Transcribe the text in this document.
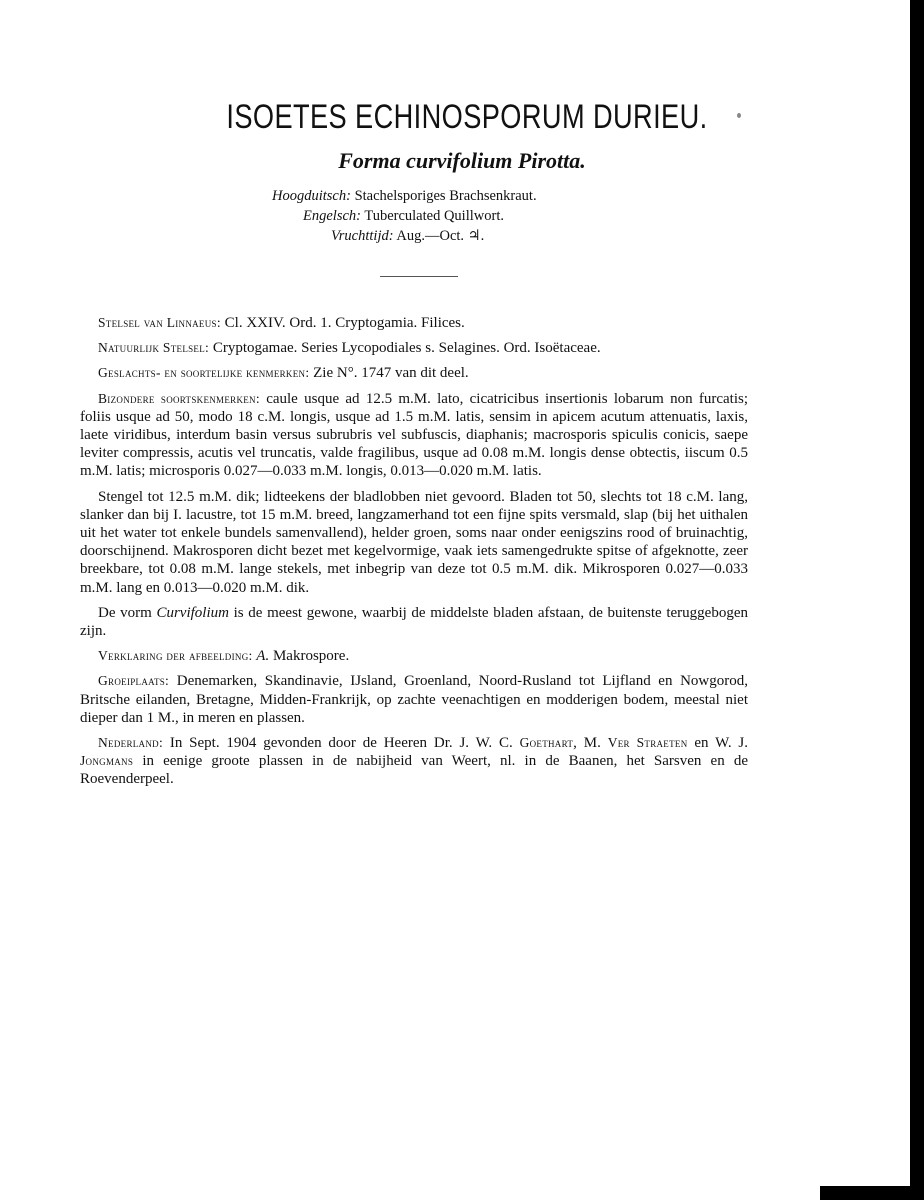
ISOETES ECHINOSPORUM DURIEU.
Forma curvifolium Pirotta.
Hoogduitsch: Stachelsporiges Brachsenkraut.
Engelsch: Tuberculated Quillwort.
Vruchttijd: Aug.—Oct. ♃.

Stelsel van Linnaeus: Cl. XXIV. Ord. 1. Cryptogamia. Filices.

Natuurlijk Stelsel: Cryptogamae. Series Lycopodiales s. Selagines. Ord. Isoëtaceae.

Geslachts- en soortelijke kenmerken: Zie N°. 1747 van dit deel.

Bizondere soortskenmerken: caule usque ad 12.5 m.M. lato, cicatricibus insertionis lobarum non furcatis; foliis usque ad 50, modo 18 c.M. longis, usque ad 1.5 m.M. latis, sensim in apicem acutum attenuatis, laxis, laete viridibus, interdum basin versus subrubris vel subfuscis, diaphanis; macrosporis spiculis conicis, saepe leviter compressis, acutis vel truncatis, valde fragilibus, usque ad 0.08 m.M. longis dense obtectis, iiscum 0.5 m.M. latis; microsporis 0.027—0.033 m.M. longis, 0.013—0.020 m.M. latis.

Stengel tot 12.5 m.M. dik; lidteekens der bladlobben niet gevoord. Bladen tot 50, slechts tot 18 c.M. lang, slanker dan bij I. lacustre, tot 15 m.M. breed, langzamerhand tot een fijne spits versmald, slap (bij het uithalen uit het water tot enkele bundels samenvallend), helder groen, soms naar onder eenigszins rood of bruinachtig, doorschijnend. Makrosporen dicht bezet met kegelvormige, vaak iets samengedrukte spitse of afgeknotte, zeer breekbare, tot 0.08 m.M. lange stekels, met inbegrip van deze tot 0.5 m.M. dik. Mikrosporen 0.027—0.033 m.M. lang en 0.013—0.020 m.M. dik.

De vorm Curvifolium is de meest gewone, waarbij de middelste bladen afstaan, de buitenste teruggebogen zijn.

Verklaring der afbeelding: A. Makrospore.

Groeiplaats: Denemarken, Skandinavie, IJsland, Groenland, Noord-Rusland tot Lijfland en Nowgorod, Britsche eilanden, Bretagne, Midden-Frankrijk, op zachte veenachtigen en modderigen bodem, meestal niet dieper dan 1 M., in meren en plassen.

Nederland: In Sept. 1904 gevonden door de Heeren Dr. J. W. C. Goethart, M. Ver Straeten en W. J. Jongmans in eenige groote plassen in de nabijheid van Weert, nl. in de Baanen, het Sarsven en de Roevenderpeel.
